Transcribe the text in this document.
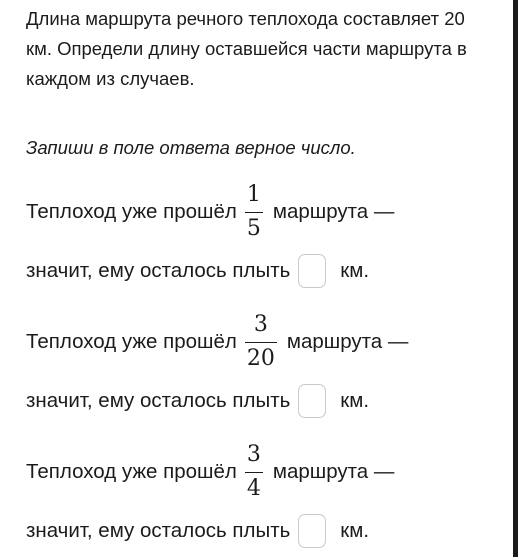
Длина маршрута речного теплохода составляет 20 км. Определи длину оставшейся части маршрута в каждом из случаев.

Запиши в поле ответа верное число.

Теплоход уже прошёл $\frac{1}{5}$ маршрута —
значит, ему осталось плыть км.
Теплоход уже прошёл $\frac{3}{20}$ маршрута —
значит, ему осталось плыть км.
Теплоход уже прошёл $\frac{3}{4}$ маршрута —
значит, ему осталось плыть км.
